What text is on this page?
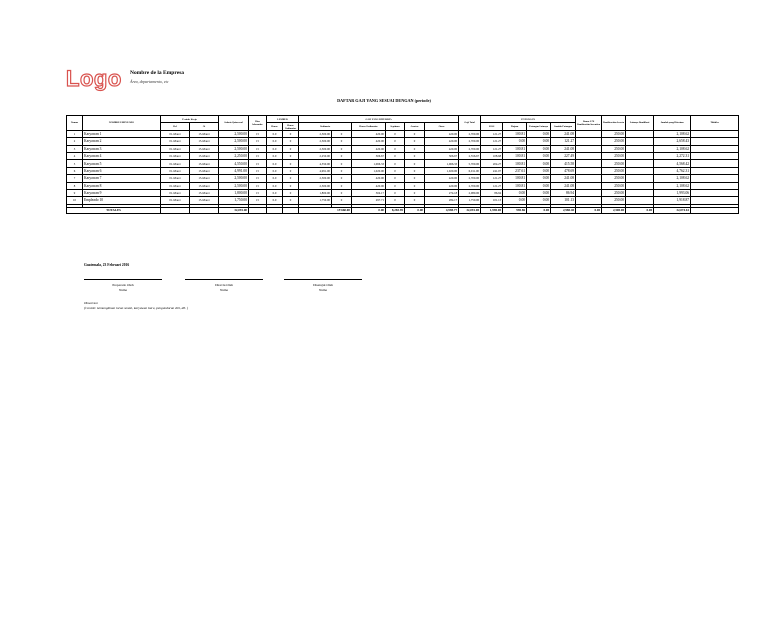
Logo Nombre de la Empresa
Área, departamento, etc
DAFTAR GAJI YANG SESUAI DENGAN (periode)
Nomor	NOMBRE EMPLEADO	Periode Kerja		Salario Quincenal	Días laborados	LEMBUR		GAJI YANG DITERIMA						Gaji Total	POTONGAN				Bonus 3/78
Bonificación Incentivo	Bonificación decreto	Lainnya Bonifikasi	Jumlah yang Diterima	Tiltitiles
		Del	Al			Horas	Horas Ordinarias	Ordinario		Horas Ordinarias	Septimos	Asuetos	Otros		IGSS	Pinjam	Potongan Lainnya	Jumlah Potongan					
1	Karyawan 1	01-Maret	15-Maret	2,500.00	15	0.0	0	2,500.00	0	420.00	0	0	420.00	2,700.00	121.27	100.81	0.00	241.08		250.00		2,108.62	
2	Karyawan 2	01-Maret	15-Maret	2,500.00	15	0.0	0	2,500.00	0	420.00	0	0	420.00	2,700.00	121.27	0.00	0.00	121.27		250.00		2,658.43	
3	Karyawan 3	01-Maret	15-Maret	2,500.00	15	0.0	0	2,500.00	0	420.00	0	0	420.00	2,700.00	121.27	100.81	0.00	241.08		250.00		2,108.62	
4	Karyawan 4	01-Maret	15-Maret	2,250.00	15	0.0	0	2,250.00	0	306.67	0	0	306.67	2,556.67	108.68	100.81	0.00	227.49		250.00		2,272.31	
5	Karyawan 5	01-Maret	15-Maret	4,550.00	15	0.0	0	4,550.00	0	1,066.33	0	0	1,066.33	5,700.00	204.27	100.81	0.00	415.58		250.00		4,568.42	
6	Karyawan 6	01-Maret	15-Maret	4,991.00	15	0.0	0	4,991.00	0	1,020.00	0	0	1,020.00	6,011.00	241.07	237.61	0.00	478.69		250.00		4,762.31	
7	Karyawan 7	01-Maret	15-Maret	2,500.00	15	0.0	0	2,500.00	0	420.00	0	0	420.00	2,700.00	121.27	100.81	0.00	241.08		250.00		2,108.62	
8	Karyawan 8	01-Maret	15-Maret	2,500.00	15	0.0	0	2,500.00	0	420.00	0	0	420.00	2,700.00	121.27	100.81	0.00	241.08		250.00		2,108.62	
9	Karyawan 9	01-Maret	15-Maret	1,800.00	15	0.0	0	1,800.00	0	304.17	0	0	274.18	2,080.00	86.94	0.00	0.00	86.94		250.00		1,993.06	
10	Empleado 10	01-Maret	15-Maret	1,750.00	15	0.0	0	1,750.00	0	297.71	0	0	284.17	1,750.00	101.13	0.00	0.00	101.13		250.00		1,918.87	

TOTALES				32,091.00				15'660.00		0.00	8,283.95	0.00	4,998.77	32,091.00	1,990.00	990.86	0.00	2,980.40	0.00	2,500.00	0.00	32,074.61	
Guatemala, 23 Februari 2016
Preparado Oleh
Nama
Direviu Oleh
Nama
Disetujui Oleh
Nama
Observasi
(Contoh: kemungkinan iuran sosial, karyawan baru, pengunduran diri, dll. )
